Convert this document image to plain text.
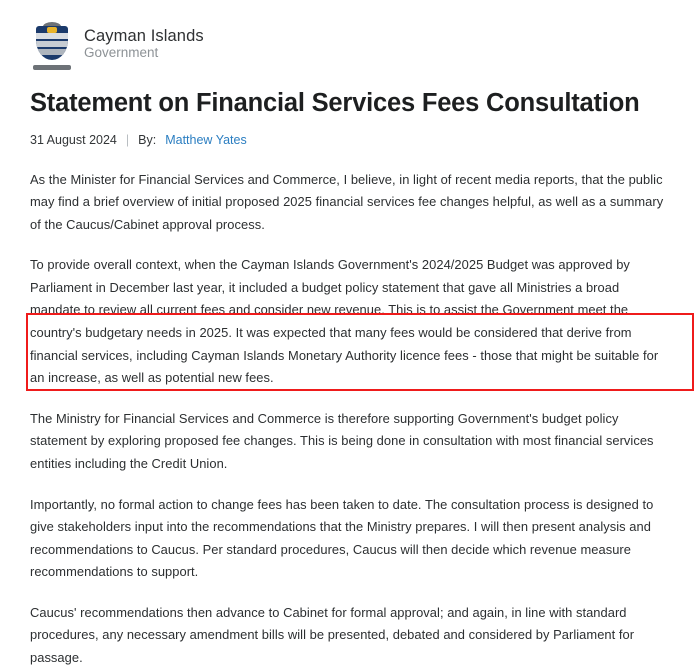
Cayman Islands
Government
Statement on Financial Services Fees Consultation
31 August 2024 | By: Matthew Yates

As the Minister for Financial Services and Commerce, I believe, in light of recent media reports, that the public may find a brief overview of initial proposed 2025 financial services fee changes helpful, as well as a summary of the Caucus/Cabinet approval process.

To provide overall context, when the Cayman Islands Government's 2024/2025 Budget was approved by Parliament in December last year, it included a budget policy statement that gave all Ministries a broad mandate to review all current fees and consider new revenue. This is to assist the Government meet the country's budgetary needs in 2025. It was expected that many fees would be considered that derive from financial services, including Cayman Islands Monetary Authority licence fees - those that might be suitable for an increase, as well as potential new fees.

The Ministry for Financial Services and Commerce is therefore supporting Government's budget policy statement by exploring proposed fee changes. This is being done in consultation with most financial services entities including the Credit Union.

Importantly, no formal action to change fees has been taken to date. The consultation process is designed to give stakeholders input into the recommendations that the Ministry prepares. I will then present analysis and recommendations to Caucus. Per standard procedures, Caucus will then decide which revenue measure recommendations to support.

Caucus' recommendations then advance to Cabinet for formal approval; and again, in line with standard procedures, any necessary amendment bills will be presented, debated and considered by Parliament for passage.
